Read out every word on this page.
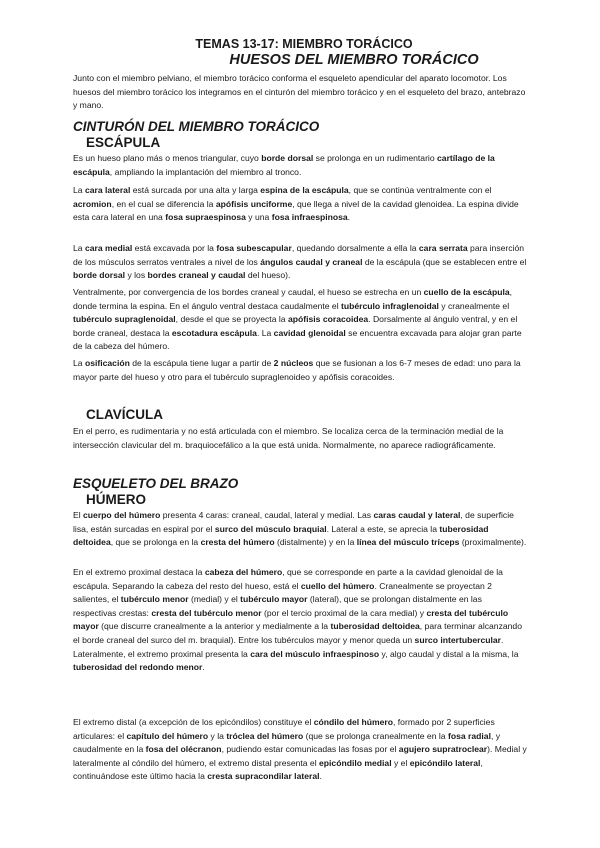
TEMAS 13-17: MIEMBRO TORÁCICO
HUESOS DEL MIEMBRO TORÁCICO

Junto con el miembro pelviano, el miembro torácico conforma el esqueleto apendicular del aparato locomotor. Los huesos del miembro torácico los integramos en el cinturón del miembro torácico y en el esqueleto del brazo, antebrazo y mano.

CINTURÓN DEL MIEMBRO TORÁCICO
ESCÁPULA

Es un hueso plano más o menos triangular, cuyo borde dorsal se prolonga en un rudimentario cartílago de la escápula, ampliando la implantación del miembro al tronco.

La cara lateral está surcada por una alta y larga espina de la escápula, que se continúa ventralmente con el acromion, en el cual se diferencia la apófisis unciforme, que llega a nivel de la cavidad glenoidea. La espina divide esta cara lateral en una fosa supraespinosa y una fosa infraespinosa.

La cara medial está excavada por la fosa subescapular, quedando dorsalmente a ella la cara serrata para inserción de los músculos serratos ventrales a nivel de los ángulos caudal y craneal de la escápula (que se establecen entre el borde dorsal y los bordes craneal y caudal del hueso).

Ventralmente, por convergencia de los bordes craneal y caudal, el hueso se estrecha en un cuello de la escápula, donde termina la espina. En el ángulo ventral destaca caudalmente el tubérculo infraglenoidal y cranealmente el tubérculo supraglenoidal, desde el que se proyecta la apófisis coracoidea. Dorsalmente al ángulo ventral, y en el borde craneal, destaca la escotadura escápula. La cavidad glenoidal se encuentra excavada para alojar gran parte de la cabeza del húmero.

La osificación de la escápula tiene lugar a partir de 2 núcleos que se fusionan a los 6-7 meses de edad: uno para la mayor parte del hueso y otro para el tubérculo supraglenoideo y apófisis coracoides.

CLAVÍCULA

En el perro, es rudimentaria y no está articulada con el miembro. Se localiza cerca de la terminación medial de la intersección clavicular del m. braquiocefálico a la que está unida. Normalmente, no aparece radiográficamente.

ESQUELETO DEL BRAZO
HÚMERO

El cuerpo del húmero presenta 4 caras: craneal, caudal, lateral y medial. Las caras caudal y lateral, de superficie lisa, están surcadas en espiral por el surco del músculo braquial. Lateral a este, se aprecia la tuberosidad deltoidea, que se prolonga en la cresta del húmero (distalmente) y en la línea del músculo tríceps (proximalmente).

En el extremo proximal destaca la cabeza del húmero, que se corresponde en parte a la cavidad glenoidal de la escápula. Separando la cabeza del resto del hueso, está el cuello del húmero. Cranealmente se proyectan 2 salientes, el tubérculo menor (medial) y el tubérculo mayor (lateral), que se prolongan distalmente en las respectivas crestas: cresta del tubérculo menor (por el tercio proximal de la cara medial) y cresta del tubérculo mayor (que discurre cranealmente a la anterior y medialmente a la tuberosidad deltoidea, para terminar alcanzando el borde craneal del surco del m. braquial). Entre los tubérculos mayor y menor queda un surco intertubercular. Lateralmente, el extremo proximal presenta la cara del músculo infraespinoso y, algo caudal y distal a la misma, la tuberosidad del redondo menor.

El extremo distal (a excepción de los epicóndilos) constituye el cóndilo del húmero, formado por 2 superficies articulares: el capítulo del húmero y la tróclea del húmero (que se prolonga cranealmente en la fosa radial, y caudalmente en la fosa del olécranon, pudiendo estar comunicadas las fosas por el agujero supratroclear). Medial y lateralmente al cóndilo del húmero, el extremo distal presenta el epicóndilo medial y el epicóndilo lateral, continuándose este último hacia la cresta supracondilar lateral.
